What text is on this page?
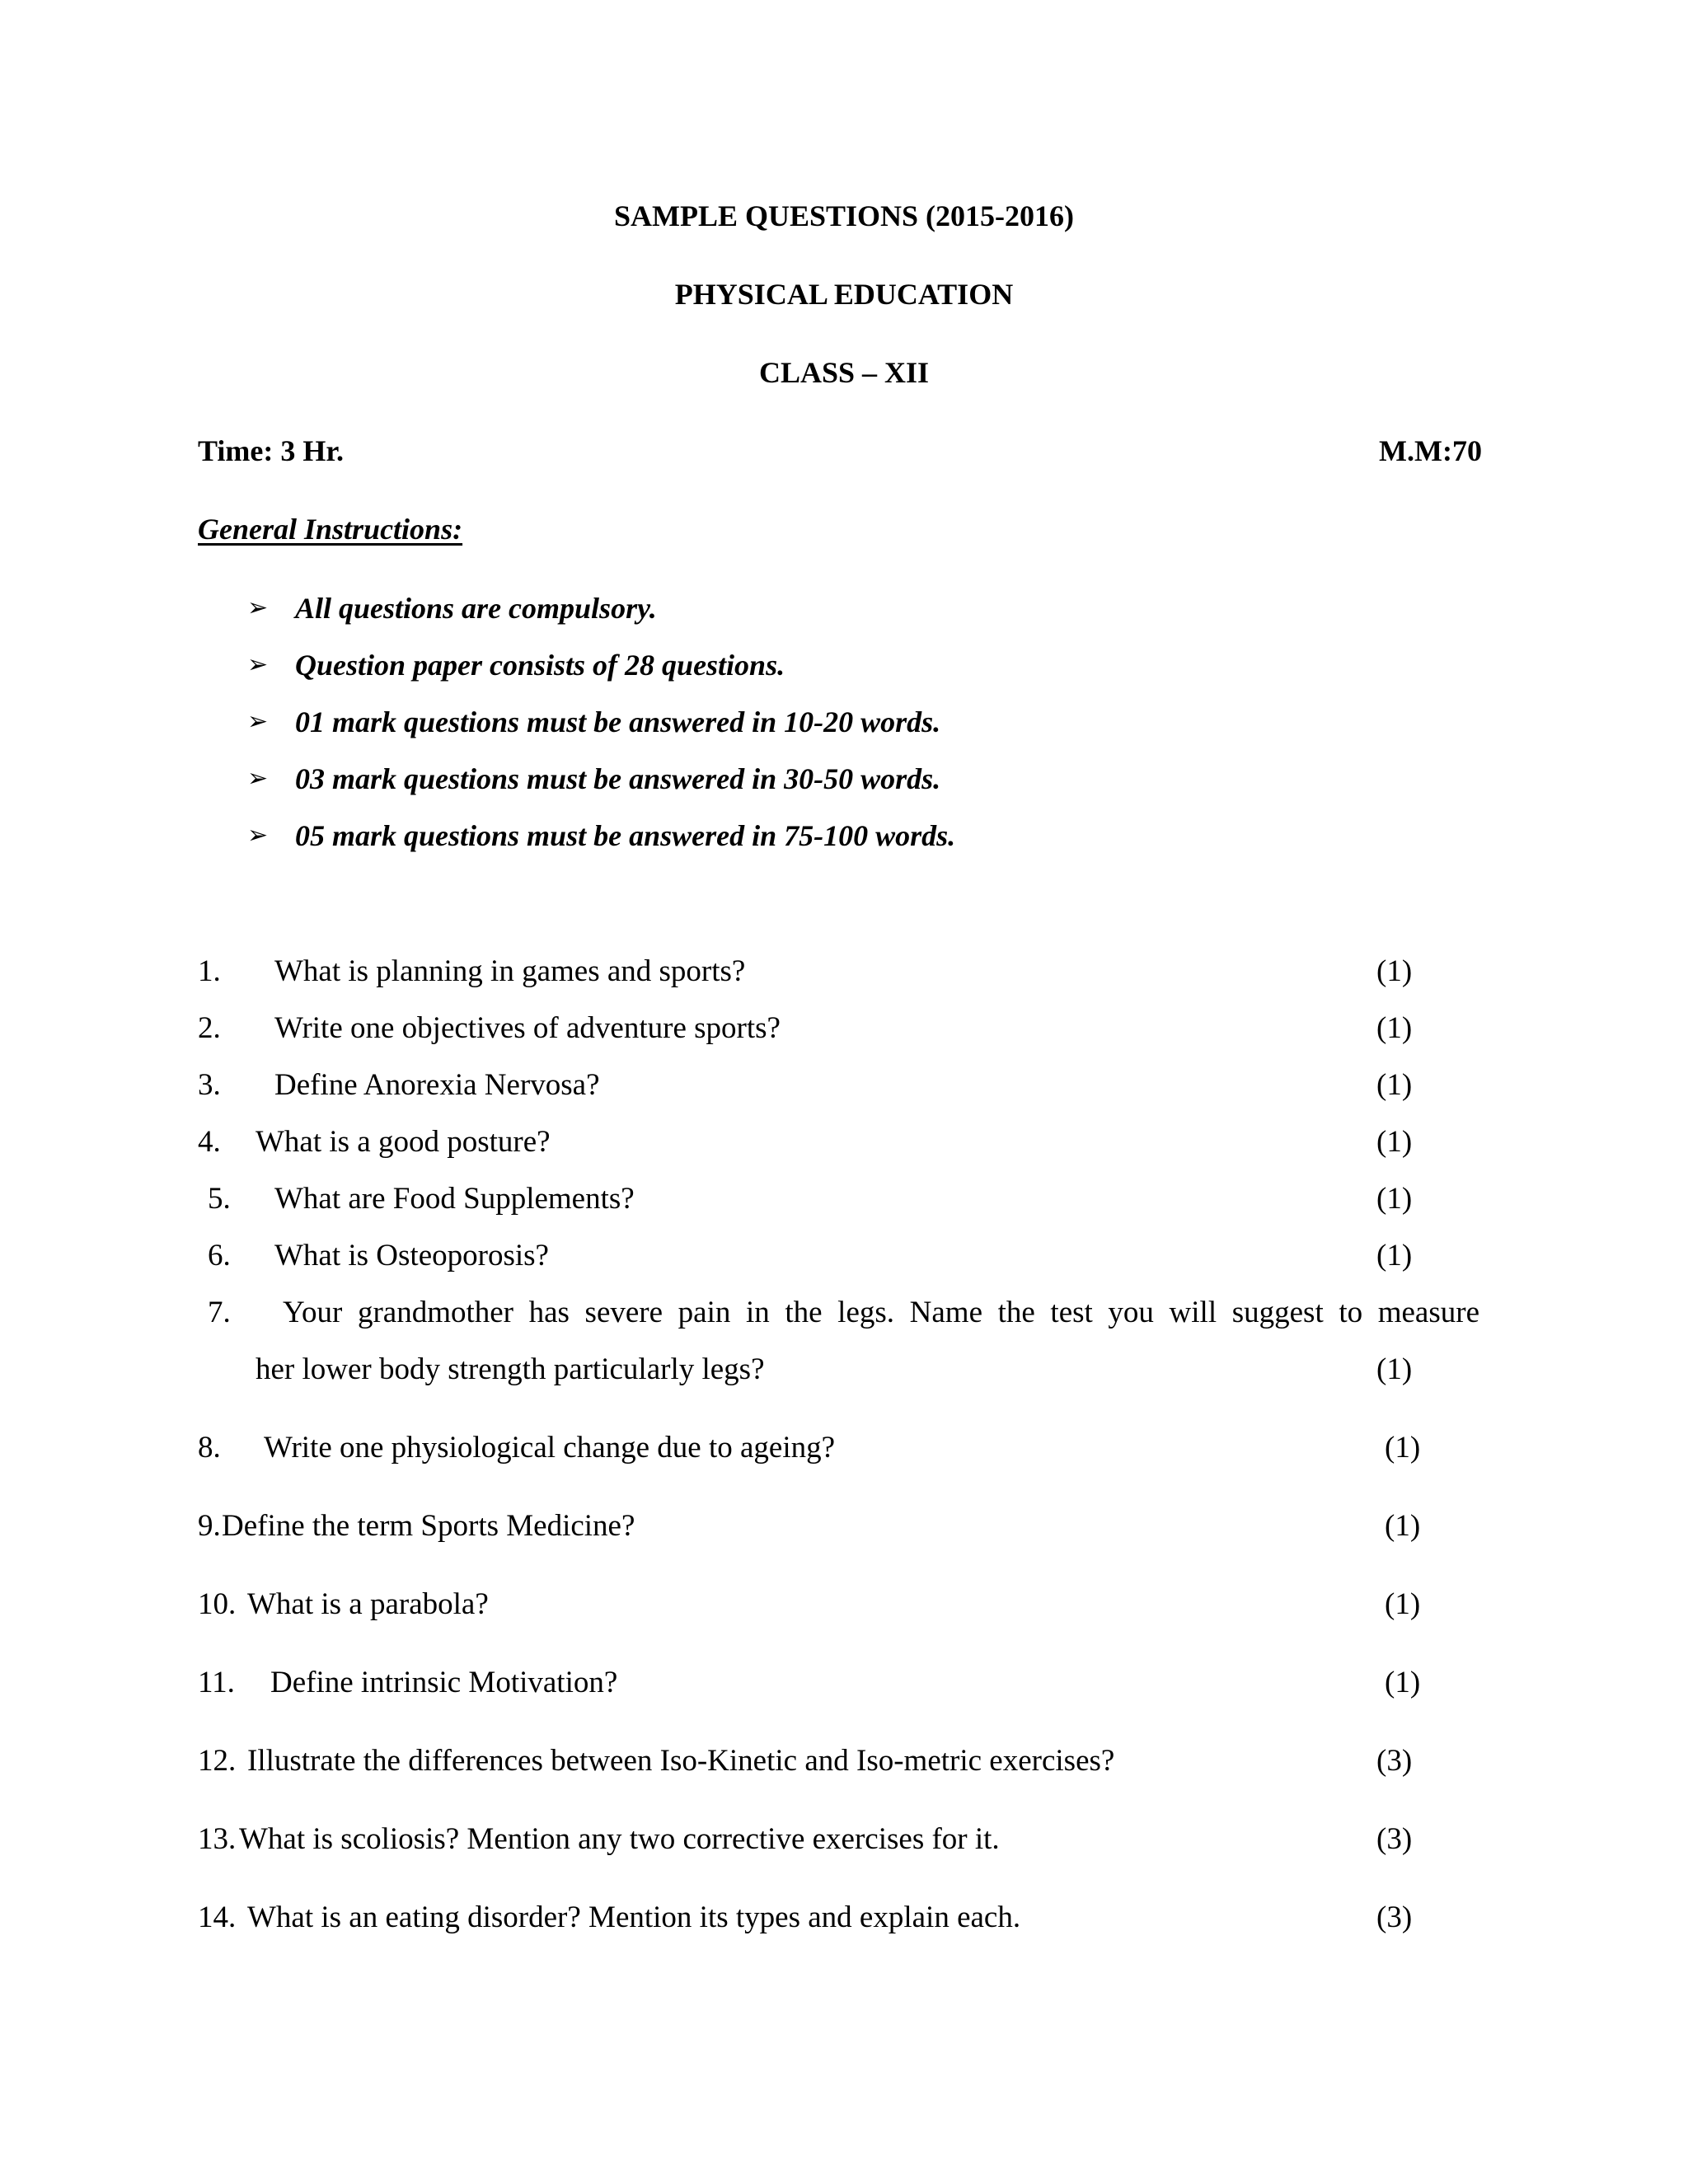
SAMPLE QUESTIONS (2015-2016)
PHYSICAL EDUCATION
CLASS – XII
Time: 3 Hr.	M.M:70
General Instructions:
➢ All questions are compulsory.
➢ Question paper consists of 28 questions.
➢ 01 mark questions must be answered in 10-20 words.
➢ 03 mark questions must be answered in 30-50 words.
➢ 05 mark questions must be answered in 75-100 words.
1. What is planning in games and sports?	(1)
2. Write one objectives of adventure sports?	(1)
3. Define Anorexia Nervosa?	(1)
4. What is a good posture?	(1)
5. What are Food Supplements?	(1)
6. What is Osteoporosis?	(1)
7. Your grandmother has severe pain in the legs. Name the test you will suggest to measure
her lower body strength particularly legs?	(1)
8. Write one physiological change due to ageing?	(1)
9. Define the term Sports Medicine?	(1)
10. What is a parabola?	(1)
11. Define intrinsic Motivation?	(1)
12. Illustrate the differences between Iso-Kinetic and Iso-metric exercises?	(3)
13. What is scoliosis? Mention any two corrective exercises for it.	(3)
14. What is an eating disorder? Mention its types and explain each.	(3)
